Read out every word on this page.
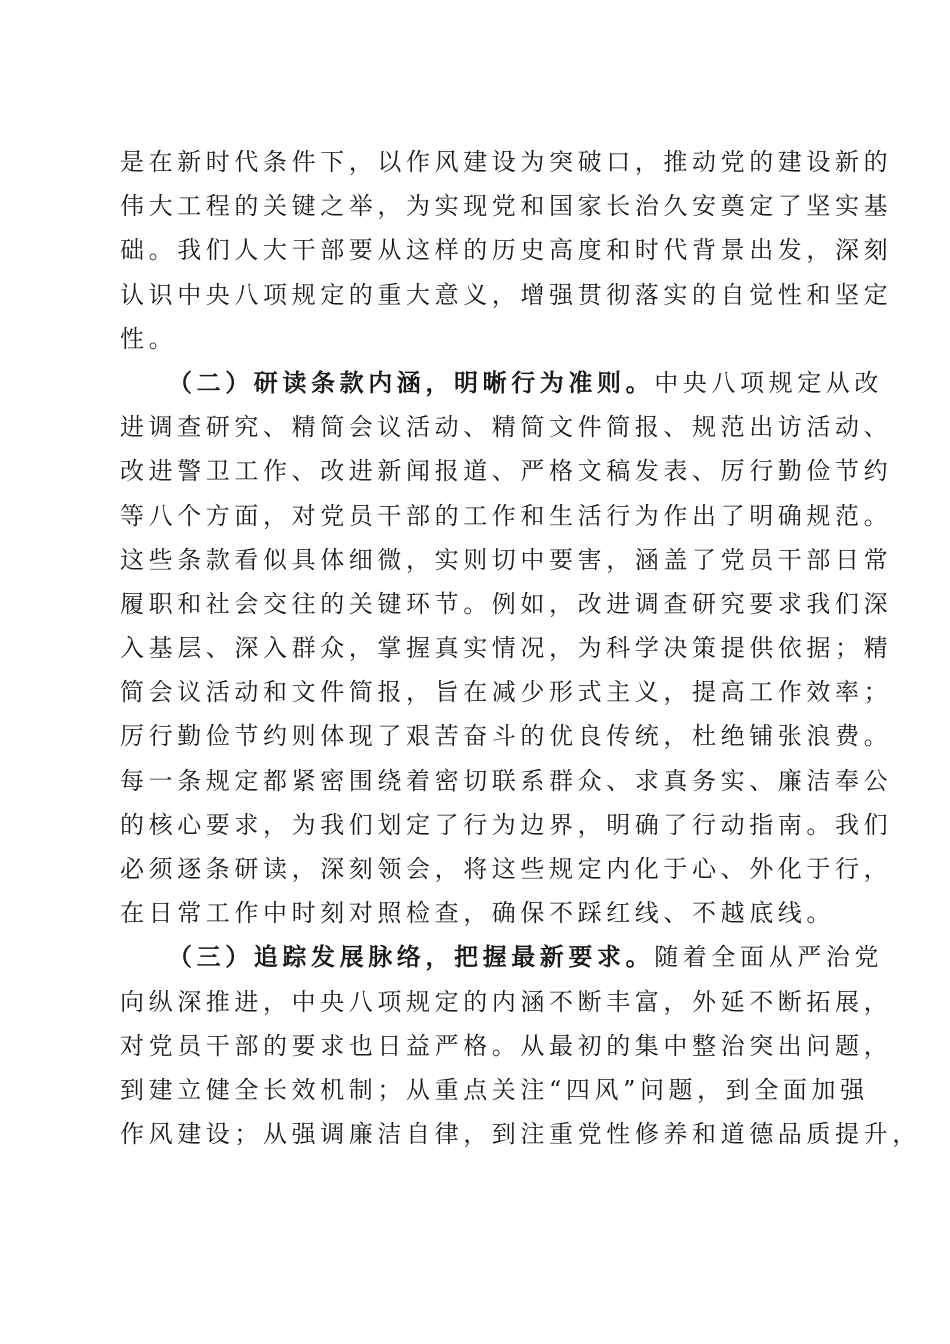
是在新时代条件下，以作风建设为突破口，推动党的建设新的
伟大工程的关键之举，为实现党和国家长治久安奠定了坚实基
础。我们人大干部要从这样的历史高度和时代背景出发，深刻
认识中央八项规定的重大意义，增强贯彻落实的自觉性和坚定
性。
（二）研读条款内涵，明晰行为准则。中央八项规定从改
进调查研究、精简会议活动、精简文件简报、规范出访活动、
改进警卫工作、改进新闻报道、严格文稿发表、厉行勤俭节约
等八个方面，对党员干部的工作和生活行为作出了明确规范。
这些条款看似具体细微，实则切中要害，涵盖了党员干部日常
履职和社会交往的关键环节。例如，改进调查研究要求我们深
入基层、深入群众，掌握真实情况，为科学决策提供依据；精
简会议活动和文件简报，旨在减少形式主义，提高工作效率；
厉行勤俭节约则体现了艰苦奋斗的优良传统，杜绝铺张浪费。
每一条规定都紧密围绕着密切联系群众、求真务实、廉洁奉公
的核心要求，为我们划定了行为边界，明确了行动指南。我们
必须逐条研读，深刻领会，将这些规定内化于心、外化于行，
在日常工作中时刻对照检查，确保不踩红线、不越底线。
（三）追踪发展脉络，把握最新要求。随着全面从严治党
向纵深推进，中央八项规定的内涵不断丰富，外延不断拓展，
对党员干部的要求也日益严格。从最初的集中整治突出问题，
到建立健全长效机制；从重点关注“四风”问题，到全面加强
作风建设；从强调廉洁自律，到注重党性修养和道德品质提升，
